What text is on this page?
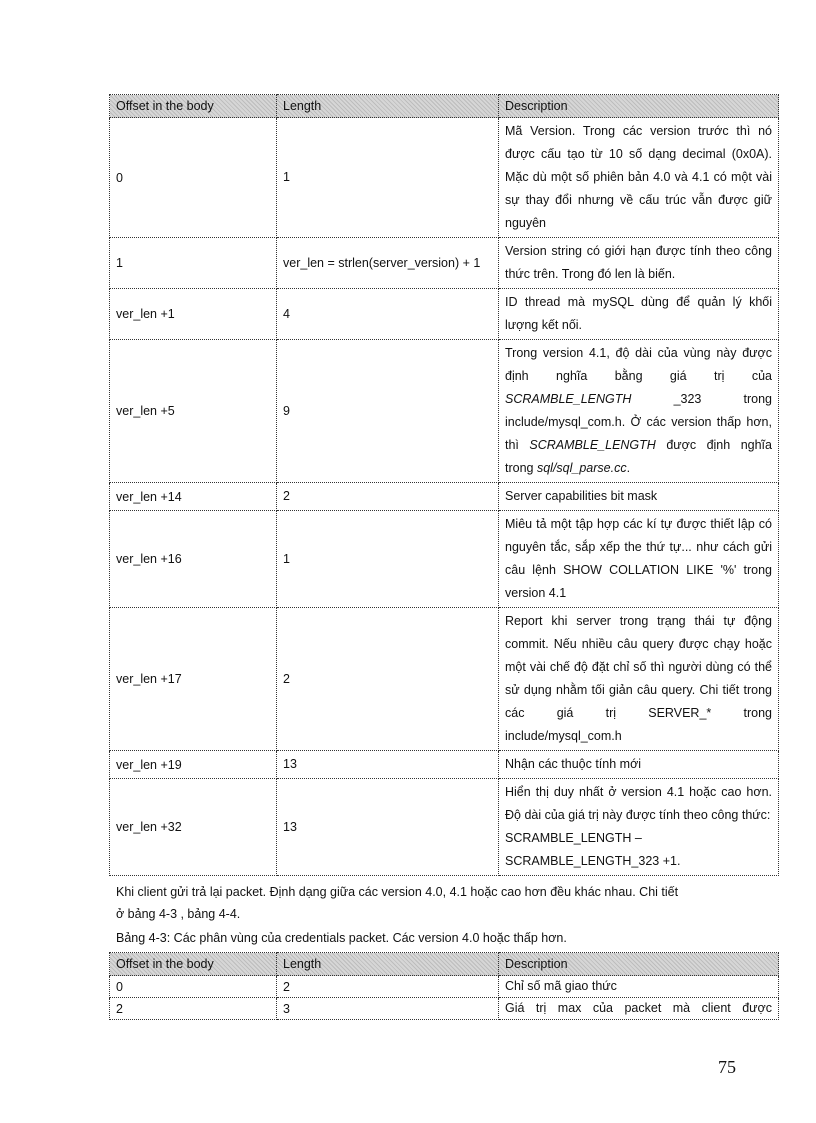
Offset in the body	Length	Description
0	1	Mã Version. Trong các version trước thì nó được cấu tạo từ 10 số dạng decimal (0x0A). Mặc dù một số phiên bản 4.0 và 4.1 có một vài sự thay đổi nhưng về cấu trúc vẫn được giữ nguyên
1	ver_len = strlen(server_version) + 1	Version string có giới hạn được tính theo công thức trên. Trong đó len là biến.
ver_len +1	4	ID thread mà mySQL dùng để quản lý khối lượng kết nối.
ver_len +5	9	Trong version 4.1, độ dài của vùng này được định nghĩa bằng giá trị của SCRAMBLE_LENGTH _323 trong include/mysql_com.h. Ở các version thấp hơn, thì SCRAMBLE_LENGTH được định nghĩa trong sql/sql_parse.cc.
ver_len +14	2	Server capabilities bit mask
ver_len +16	1	Miêu tả một tập hợp các kí tự được thiết lập có nguyên tắc, sắp xếp the thứ tự... như cách gửi câu lệnh SHOW COLLATION LIKE '%' trong version 4.1
ver_len +17	2	Report khi server trong trạng thái tự động commit. Nếu nhiều câu query được chạy hoặc một vài chế độ đặt chỉ số thì người dùng có thể sử dụng nhằm tối giản câu query. Chi tiết trong các giá trị SERVER_* trong include/mysql_com.h
ver_len +19	13	Nhận các thuộc tính mới
ver_len +32	13	Hiển thị duy nhất ở version 4.1 hoặc cao hơn. Độ dài của giá trị này được tính theo công thức:
SCRAMBLE_LENGTH –
SCRAMBLE_LENGTH_323 +1.

Khi client gửi trả lại packet. Định dạng giữa các version 4.0, 4.1 hoặc cao hơn đều khác nhau. Chi tiết

ở bảng 4-3 , bảng 4-4.

Bảng 4-3: Các phân vùng của credentials packet. Các version 4.0 hoặc thấp hơn.

Offset in the body	Length	Description
0	2	Chỉ số mã giao thức
2	3	Giá trị max của packet mà client được
75
